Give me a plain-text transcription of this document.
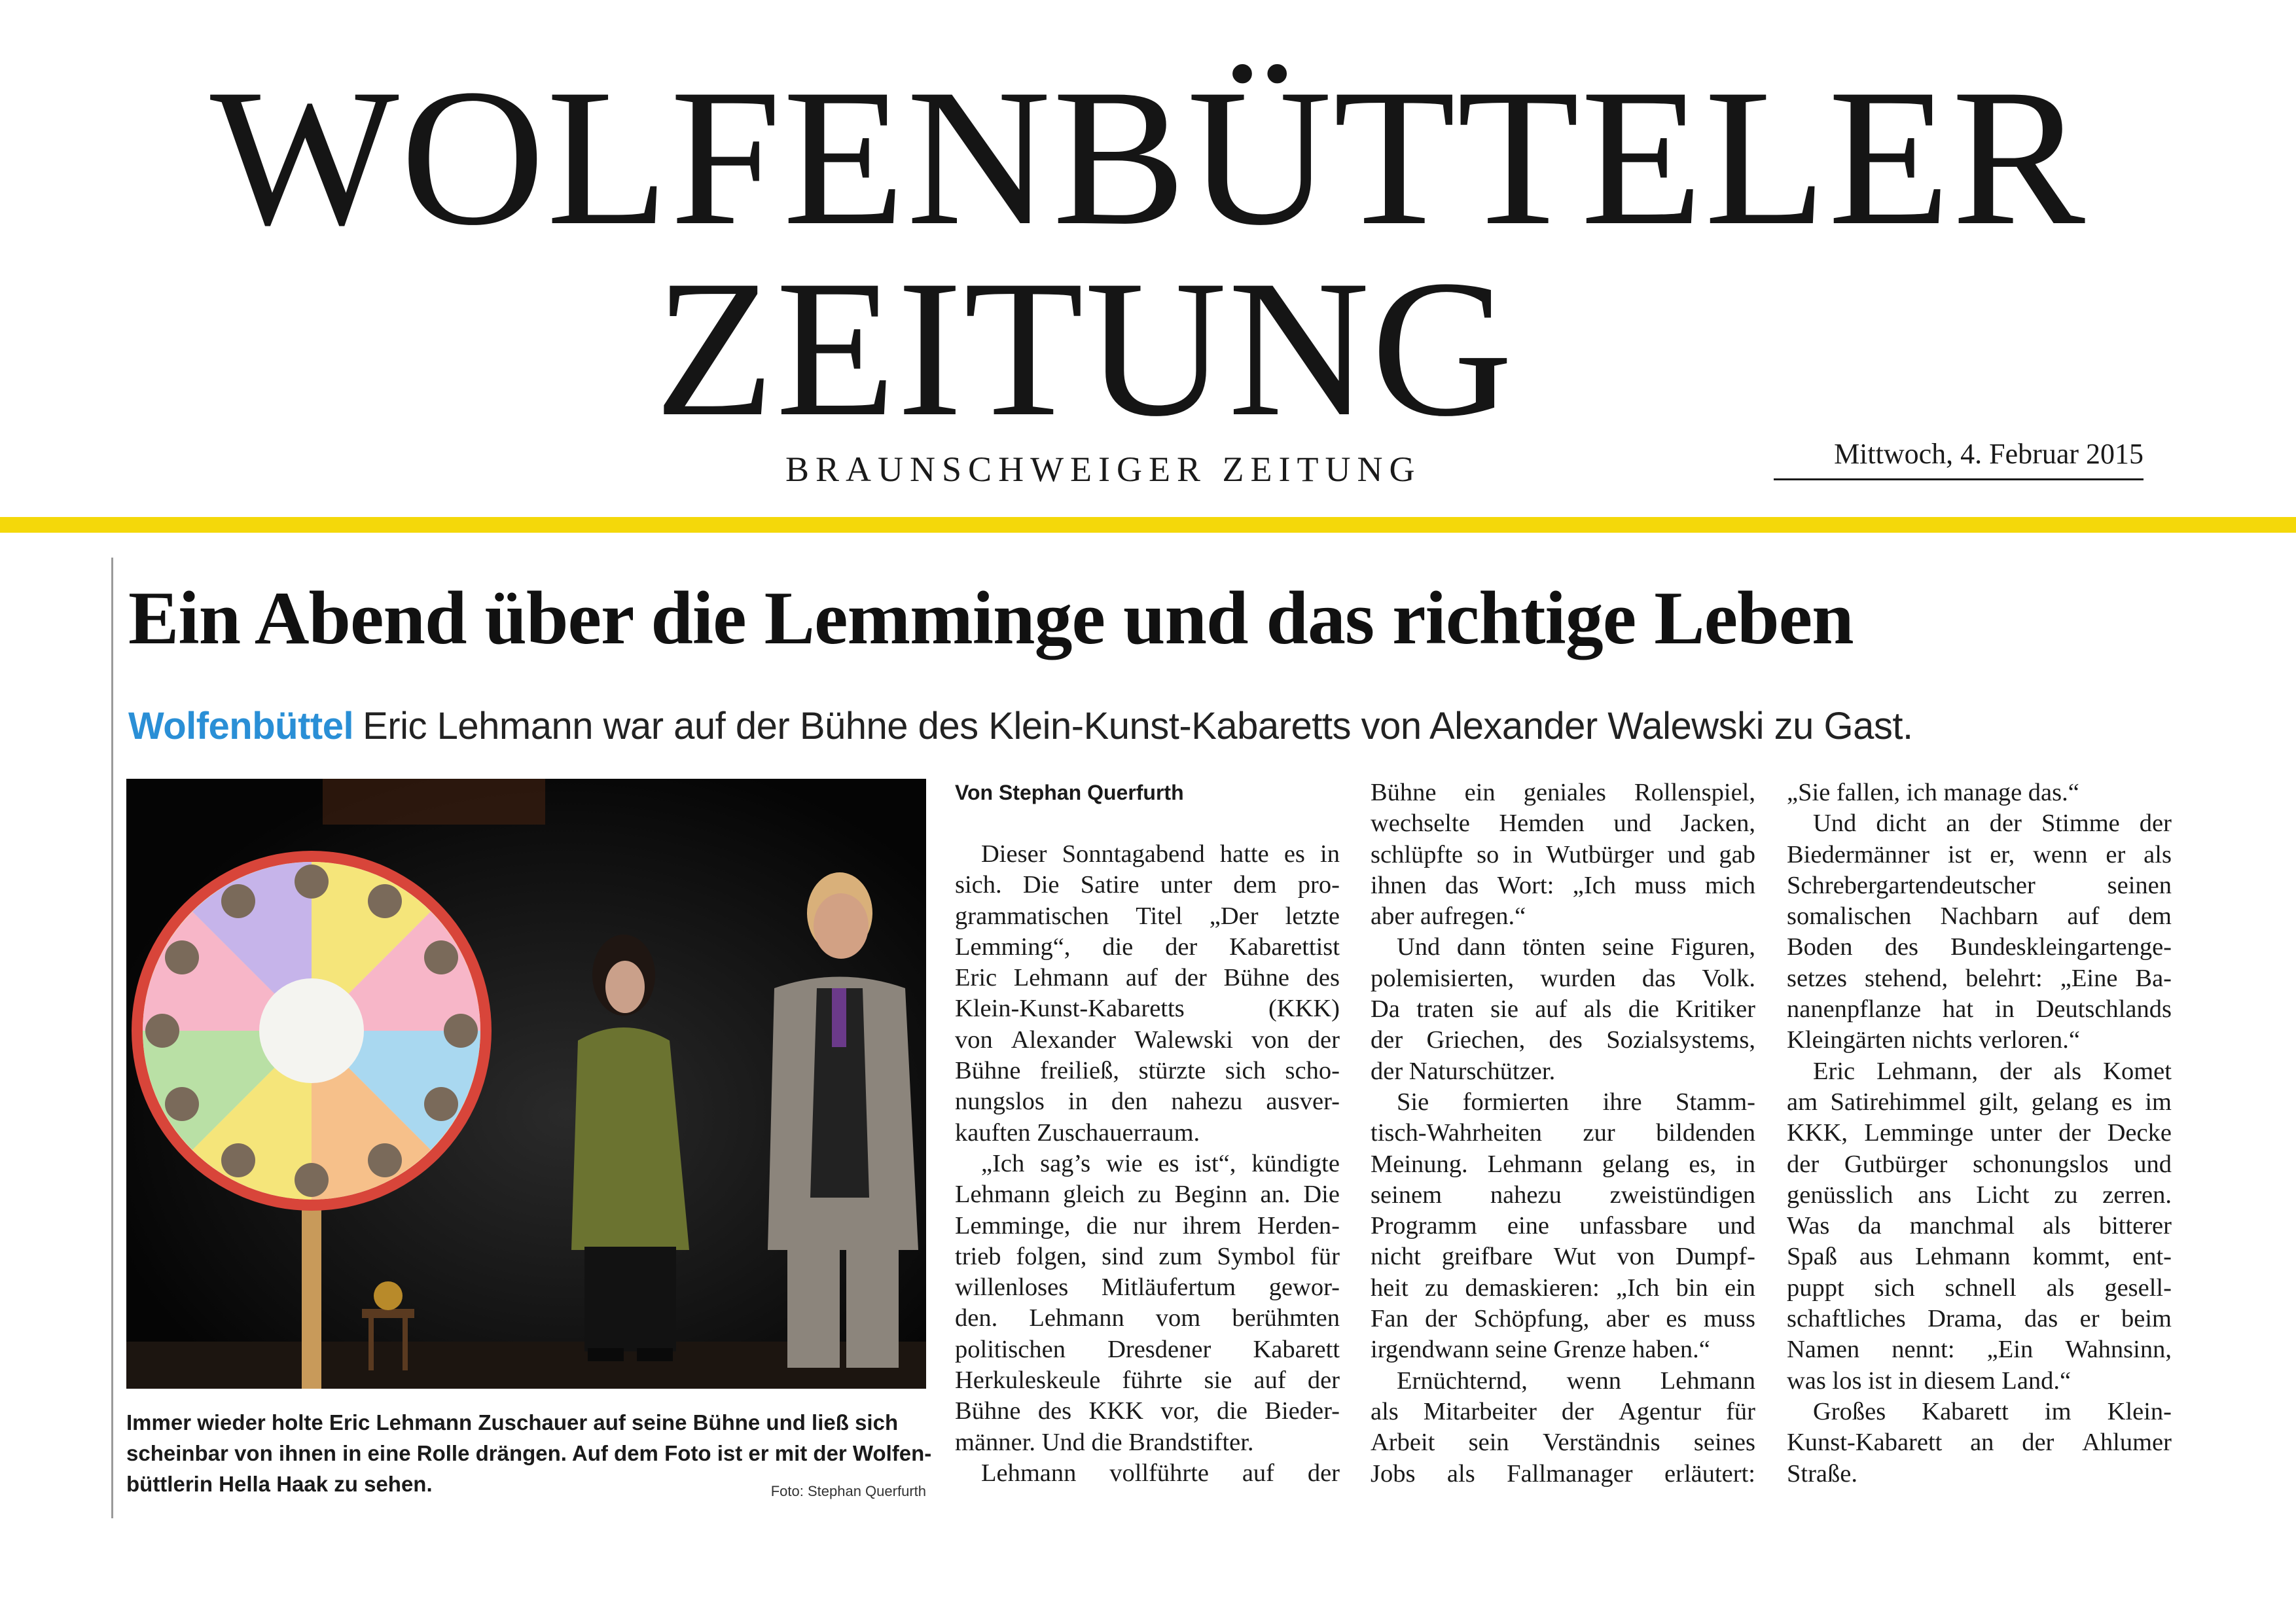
WOLFENBÜTTELER
ZEITUNG
BRAUNSCHWEIGER ZEITUNG	Mittwoch, 4. Februar 2015
Ein Abend über die Lemminge und das richtige Leben
Wolfenbüttel Eric Lehmann war auf der Bühne des Klein-Kunst-Kabaretts von Alexander Walewski zu Gast.
Immer wieder holte Eric Lehmann Zuschauer auf seine Bühne und ließ sich
scheinbar von ihnen in eine Rolle drängen. Auf dem Foto ist er mit der Wolfen-
büttlerin Hella Haak zu sehen.	Foto: Stephan Querfurth
Von Stephan Querfurth
Dieser Sonntagabend hatte es in
sich. Die Satire unter dem pro-
grammatischen Titel „Der letzte
Lemming“, die der Kabarettist
Eric Lehmann auf der Bühne des
Klein-Kunst-Kabaretts	(KKK)
von Alexander Walewski von der
Bühne freiließ, stürzte sich scho-
nungslos in den nahezu ausver-
kauften Zuschauerraum.
„Ich sag’s wie es ist“, kündigte
Lehmann gleich zu Beginn an. Die
Lemminge, die nur ihrem Herden-
trieb folgen, sind zum Symbol für
willenloses Mitläufertum gewor-
den. Lehmann vom berühmten
politischen Dresdener Kabarett
Herkuleskeule führte sie auf der
Bühne des KKK vor, die Bieder-
männer. Und die Brandstifter.
Lehmann vollführte auf der
Bühne ein geniales Rollenspiel,
wechselte Hemden und Jacken,
schlüpfte so in Wutbürger und gab
ihnen das Wort: „Ich muss mich
aber aufregen.“
Und dann tönten seine Figuren,
polemisierten, wurden das Volk.
Da traten sie auf als die Kritiker
der Griechen, des Sozialsystems,
der Naturschützer.
Sie formierten ihre Stamm-
tisch-Wahrheiten zur bildenden
Meinung. Lehmann gelang es, in
seinem nahezu zweistündigen
Programm eine unfassbare und
nicht greifbare Wut von Dumpf-
heit zu demaskieren: „Ich bin ein
Fan der Schöpfung, aber es muss
irgendwann seine Grenze haben.“
Ernüchternd, wenn Lehmann
als Mitarbeiter der Agentur für
Arbeit sein Verständnis seines
Jobs als Fallmanager erläutert:
„Sie fallen, ich manage das.“
Und dicht an der Stimme der
Biedermänner ist er, wenn er als
Schrebergartendeutscher	seinen
somalischen Nachbarn auf dem
Boden des Bundeskleingartenge-
setzes stehend, belehrt: „Eine Ba-
nanenpflanze hat in Deutschlands
Kleingärten nichts verloren.“
Eric Lehmann, der als Komet
am Satirehimmel gilt, gelang es im
KKK, Lemminge unter der Decke
der Gutbürger schonungslos und
genüsslich ans Licht zu zerren.
Was da manchmal als bitterer
Spaß aus Lehmann kommt, ent-
puppt sich schnell als gesell-
schaftliches Drama, das er beim
Namen nennt: „Ein Wahnsinn,
was los ist in diesem Land.“
Großes Kabarett im Klein-
Kunst-Kabarett an der Ahlumer
Straße.
